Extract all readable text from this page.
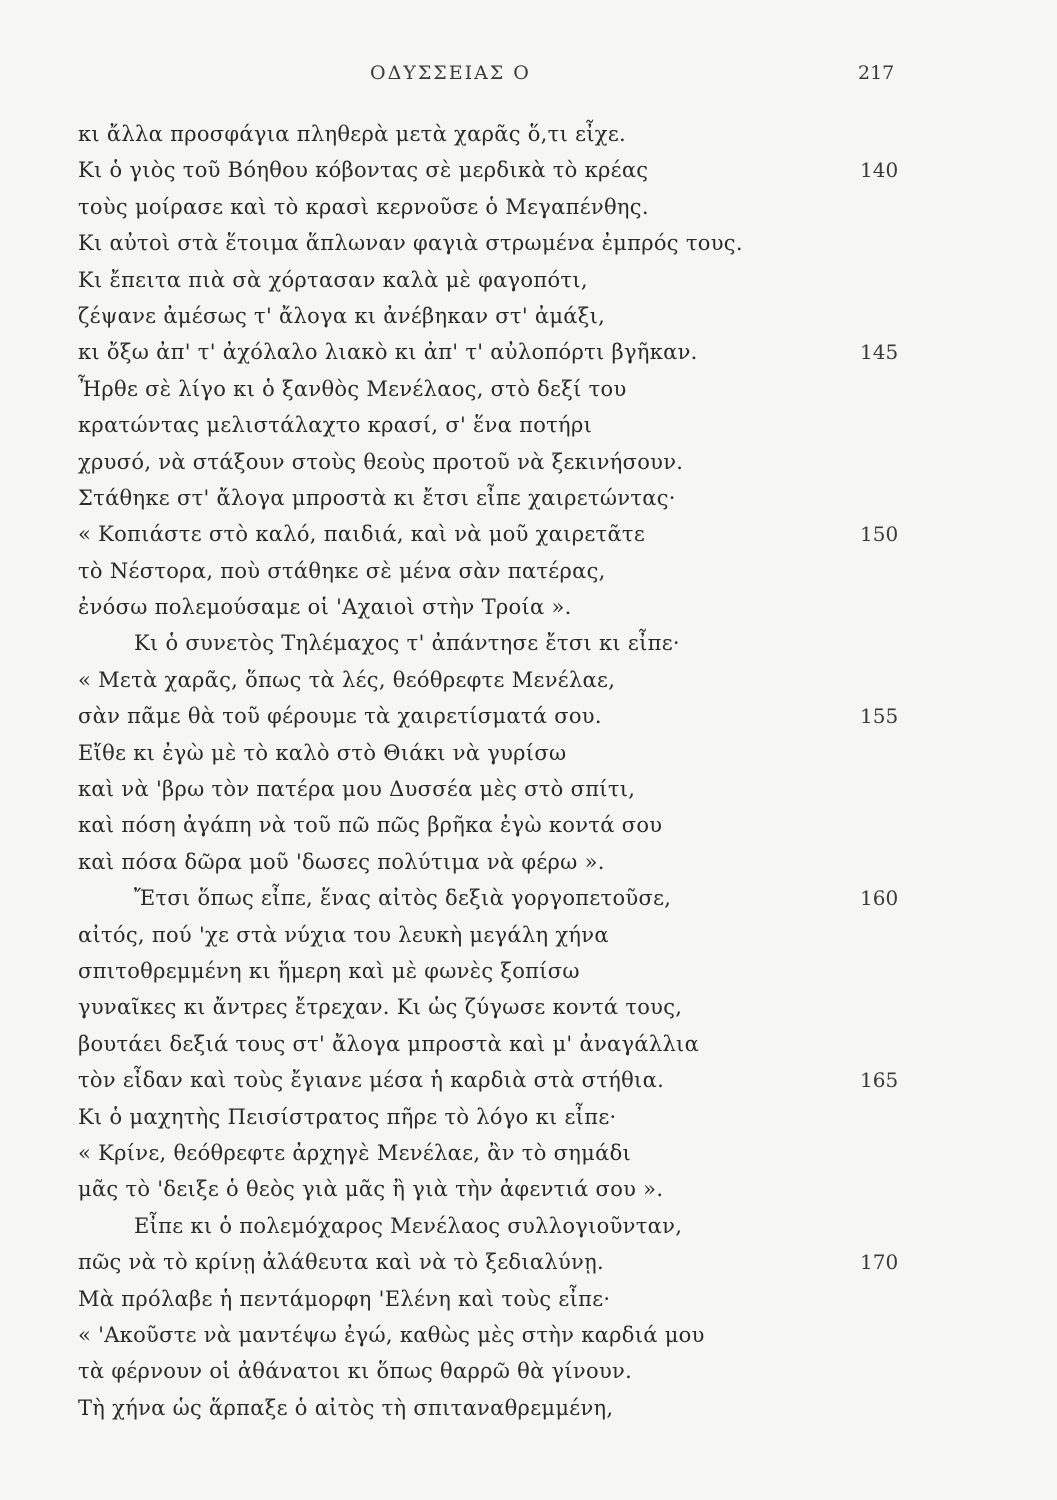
ΟΔΥΣΣΕΙΑΣ Ο	217
κι ἄλλα προσφάγια πληθερὰ μετὰ χαρᾶς ὅ,τι εἶχε.
Κι ὁ γιὸς τοῦ Βόηθου κόβοντας σὲ μερδικὰ τὸ κρέας	140
τοὺς μοίρασε καὶ τὸ κρασὶ κερνοῦσε ὁ Μεγαπένθης.
Κι αὐτοὶ στὰ ἕτοιμα ἅπλωναν φαγιὰ στρωμένα ἐμπρός τους.
Κι ἔπειτα πιὰ σὰ χόρτασαν καλὰ μὲ φαγοπότι,
ζέψανε ἀμέσως τ' ἄλογα κι ἀνέβηκαν στ' ἀμάξι,
κι ὄξω ἀπ' τ' ἀχόλαλο λιακὸ κι ἀπ' τ' αὐλοπόρτι βγῆκαν.	145
Ἦρθε σὲ λίγο κι ὁ ξανθὸς Μενέλαος, στὸ δεξί του
κρατώντας μελιστάλαχτο κρασί, σ' ἕνα ποτήρι
χρυσό, νὰ στάξουν στοὺς θεοὺς προτοῦ νὰ ξεκινήσουν.
Στάθηκε στ' ἄλογα μπροστὰ κι ἔτσι εἶπε χαιρετώντας·
« Κοπιάστε στὸ καλό, παιδιά, καὶ νὰ μοῦ χαιρετᾶτε	150
τὸ Νέστορα, ποὺ στάθηκε σὲ μένα σὰν πατέρας,
ἐνόσω πολεμούσαμε οἱ 'Αχαιοὶ στὴν Τροία ».
Κι ὁ συνετὸς Τηλέμαχος τ' ἀπάντησε ἔτσι κι εἶπε·
« Μετὰ χαρᾶς, ὅπως τὰ λές, θεόθρεφτε Μενέλαε,
σὰν πᾶμε θὰ τοῦ φέρουμε τὰ χαιρετίσματά σου.	155
Εἴθε κι ἐγὼ μὲ τὸ καλὸ στὸ Θιάκι νὰ γυρίσω
καὶ νὰ 'βρω τὸν πατέρα μου Δυσσέα μὲς στὸ σπίτι,
καὶ πόση ἀγάπη νὰ τοῦ πῶ πῶς βρῆκα ἐγὼ κοντά σου
καὶ πόσα δῶρα μοῦ 'δωσες πολύτιμα νὰ φέρω ».
Ἔτσι ὅπως εἶπε, ἕνας αἰτὸς δεξιὰ γοργοπετοῦσε,	160
αἰτός, πού 'χε στὰ νύχια του λευκὴ μεγάλη χήνα
σπιτοθρεμμένη κι ἥμερη καὶ μὲ φωνὲς ξοπίσω
γυναῖκες κι ἄντρες ἔτρεχαν. Κι ὡς ζύγωσε κοντά τους,
βουτάει δεξιά τους στ' ἄλογα μπροστὰ καὶ μ' ἀναγάλλια
τὸν εἶδαν καὶ τοὺς ἔγιανε μέσα ἡ καρδιὰ στὰ στήθια.	165
Κι ὁ μαχητὴς Πεισίστρατος πῆρε τὸ λόγο κι εἶπε·
« Κρίνε, θεόθρεφτε ἀρχηγὲ Μενέλαε, ἂν τὸ σημάδι
μᾶς τὸ 'δειξε ὁ θεὸς γιὰ μᾶς ἢ γιὰ τὴν ἀφεντιά σου ».
Εἶπε κι ὁ πολεμόχαρος Μενέλαος συλλογιοῦνταν,
πῶς νὰ τὸ κρίνῃ ἀλάθευτα καὶ νὰ τὸ ξεδιαλύνῃ.	170
Μὰ πρόλαβε ἡ πεντάμορφη 'Ελένη καὶ τοὺς εἶπε·
« 'Ακοῦστε νὰ μαντέψω ἐγώ, καθὼς μὲς στὴν καρδιά μου
τὰ φέρνουν οἱ ἀθάνατοι κι ὅπως θαρρῶ θὰ γίνουν.
Τὴ χήνα ὡς ἅρπαξε ὁ αἰτὸς τὴ σπιταναθρεμμένη,
